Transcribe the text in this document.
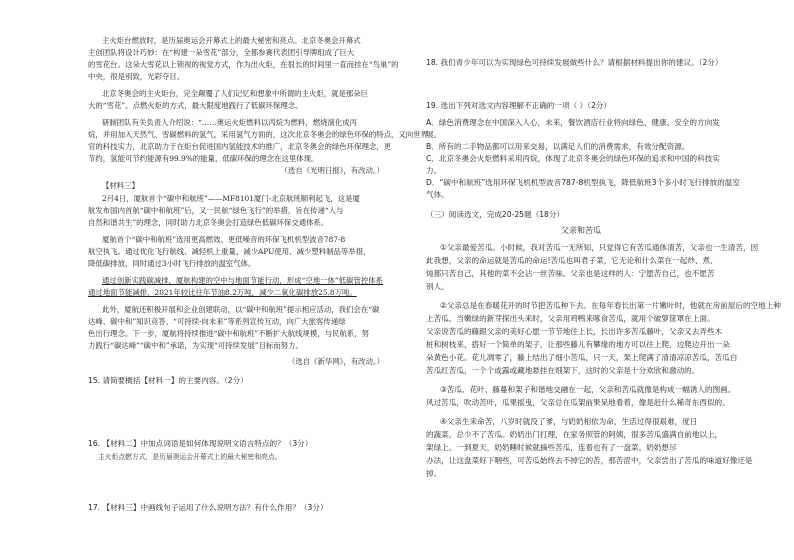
主火炬台燃放时，是历届奥运会开幕式上的最大秘密和亮点。北京冬奥会开幕式
主创团队将设计巧妙：在“构建一朵雪花”部分，全都参赛代表团引导牌组成了巨大
的雪花台。这朵大雪花以上锁视的视觉方式，作为出火炬，在很长的时间里一直而挂在“鸟巢”的
中央，很是别致，光彩夺目。
北京冬奥会的主火炬台，完全颠覆了人们记忆和想象中所谓的主火炬，就是那朵巨
大的“雪花”。点燃火炬的方式，最大限度地践行了低碳环保理念。
研制团队有关负责人介绍说：“……奥运火炬燃料以丙烷为燃料，燃烧演化成丙
烷，并用加入天然气、雪碳燃料的氢气。采用氢气方面的，这次北京冬奥会的绿色环保的特点，又向世界
官的科技实力，北京助力于在炬台促进国内氢能技术的推广，北京冬奥会的绿色环保理念，更
节约，氢能可节约能源有99.9%的能量，低碳环保的理念在这里体现。
（选自《光明日报》，有改动。）
【材料三】
2月4日，厦航首个“碳中和航班”——MF8101厦门-北京航班顺利起飞，这是厦
航发布国内首航“碳中和航班”后，又一民航“绿色飞行”的举措，旨在传递“人与
自然和谐共生”的理念，同时助力北京冬奥会打造绿色低碳环保交通体系。
厦航首个“碳中和航班”选用更高燃效、更低噪音的环保飞机机型波音787-8
航空执飞。通过优化飞行航线、减轻机上重量、减少APU使用、减少塑料制品等举措，
降低碳排放，同时通过3小时飞行排放的温室气体。
通过创新实践碳减排，厦航构建的空中与地面节能行动，形成“空地一体”低碳管控体系
通过地面节能减排，2021年较比往年节油8.2万吨，减少二氧化碳排放25.8万吨。
此外，厦航还积极开展和企业创建联动，以“碳中和航班”提示相应活动，我们会在“碳
达峰、碳中和”知识竞答、“可持续·向未来”等系列宣传互动，向广大旅客传递绿
色出行理念。下一步，厦航将持续推进“碳中和航班”不断扩大航线规模，与民航系，努
力践行“碳达峰”“碳中和”承诺，为实现“可持续发展”目标而努力。
（选自《新华网》，有改动。）
15. 请简要概括【材料一】的主要内容。（2分）
16. 【材料二】中加点词语是如何体现说明文语言特点的？（3分）
主火炬点燃方式，是历届奥运会开幕式上的最大秘密和亮点。
17. 【材料三】中画线句子运用了什么说明方法？有什么作用？（3分）
18. 我们青少年可以为实现绿色可持续发展做些什么？请根据材料提出你的建议。（2分）
19. 选出下列对选文内容理解不正确的一项（ ）（2分）
A．绿色消费理念在中国深入人心，未来，餐饮酒店行业将向绿色、健康、安全的方向发
展。
B．所有的二手物品都可以用来交易，以满足人们的消费需求，有效分配资源。
C．北京冬奥会火炬燃料采用丙烷，体现了北京冬奥会的绿色环保的追求和中国的科技实
力。
D．“碳中和航班”选用环保飞机机型波音787-8机型执飞，降低航班3个多小时飞行排放的温室
气体。
（三）阅读选文，完成20-25题（18分）
父亲和苦瓜
①父亲最爱苦瓜。小时候，我对苦瓜一无所知，只觉得它有苦瓜通体清苦，父亲也一生清苦，因
此我想，父亲的命运就是苦瓜的命运!苦瓜也叫君子菜，它无论和什么菜在一起炒、煮、
炖都只苦自己，其他的菜不会沾一丝苦味。父亲也是这样的人：宁愿苦自己，也不愿苦
别人。
②父亲总是在春暖花开的时节把苦瓜种下去。在每年春长出第一片嫩叶时，他就在房前屋后的空地上种
上苦瓜。当嫩绿的新芽探出头来时，父亲用鸡鸭来啄食苦瓜，就用个破箩筐罩在上面。
父亲说苦瓜的藤跟父亲的美好心愿一节节地往上长，长出许多苦瓜藤叶，父亲又去弄些木
桩和树枝来，搭好一个简单的架子，让那些藤儿有攀缘的地方可以往上爬，边爬边开出一朵
朵黄色小花。花儿凋零了，藤上结出了细小苦瓜，只一天，架上爬满了清清凉凉苦瓜，苦瓜白
苦瓜红苦瓜，一个个或露或藏地悬挂在细架下，这时的父亲是十分欢欣和激动的。
③苦瓜、花叶、藤蔓和架子和谐地交融在一起，父亲和苦瓜就像是构成一幅诱人的图画。
风过苦瓜，吹动苦叶，瓜果摇曳，父亲总在瓜架前果呆地看着，像是赶什么稀奇东西似的。
④父亲生来命苦，八岁时就没了爹，与奶奶相依为命，生活过得很艰难，度日
的蔬菜，总少不了苦瓜。奶奶出门打理，在家务照管的阿姨，很多苦瓜盛满自前地以上，
架绿上。一到夏天，奶奶睡时候就摘些苦瓜，连着也有了一盘菜。奶奶想尽
办法，让这盘菜好下咽些，可苦瓜始终去不掉它的苦，那苦涩中，父亲尝出了苦瓜的味道好像还是
掉。
